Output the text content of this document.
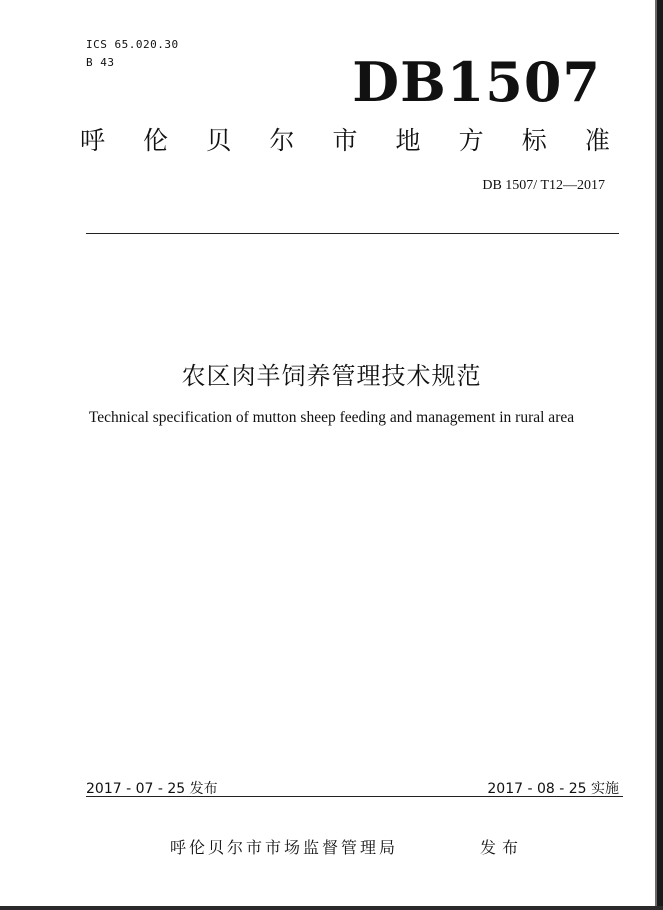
ICS 65.020.30
B 43	DB1507
呼 伦 贝 尔 市 地 方 标 准
DB 1507/ T12—2017
农区肉羊饲养管理技术规范
Technical specification of mutton sheep feeding and management in rural area
2017 - 07 - 25 发布	2017 - 08 - 25 实施
呼伦贝尔市市场监督管理局	发布
